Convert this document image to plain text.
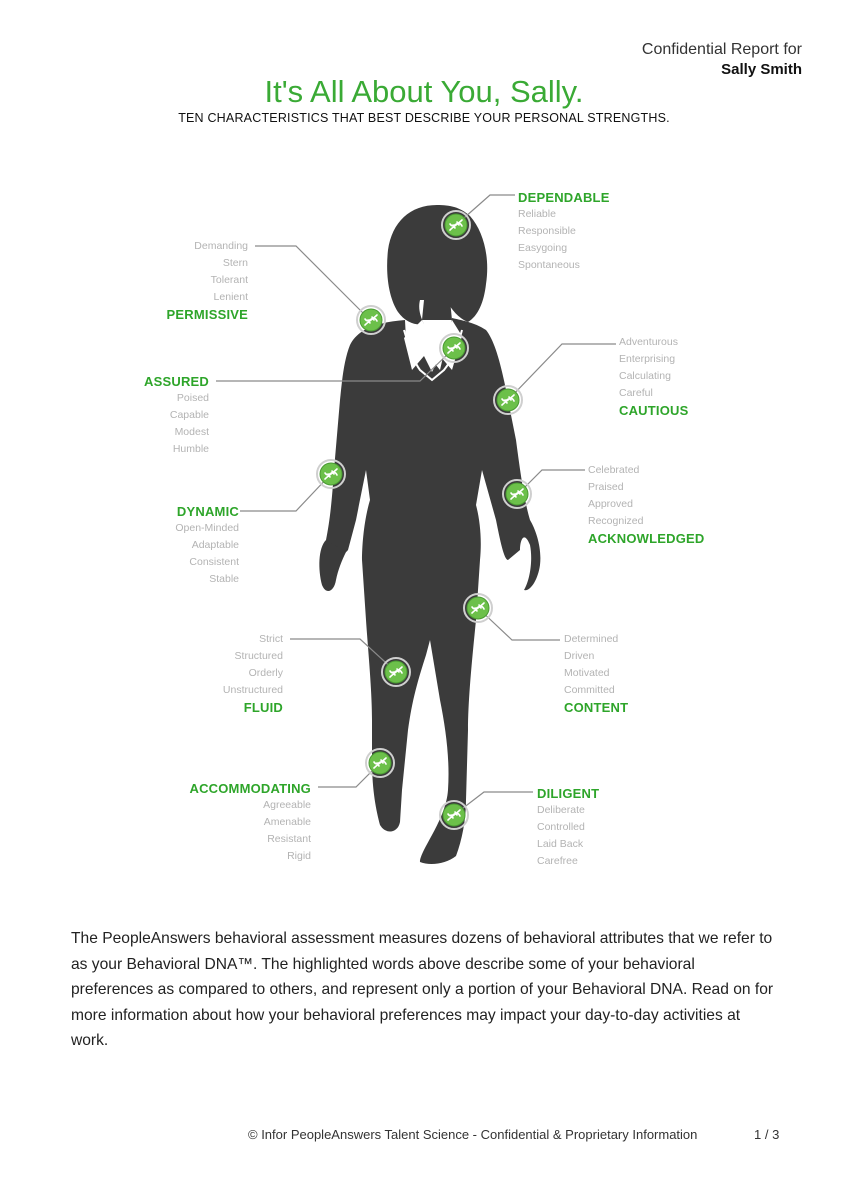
Confidential Report for
Sally Smith
It's All About You, Sally.
TEN CHARACTERISTICS THAT BEST DESCRIBE YOUR PERSONAL STRENGTHS.
DEPENDABLE
Reliable
Responsible
Easygoing
Spontaneous
Demanding
Stern
Tolerant
Lenient
PERMISSIVE
Adventurous
Enterprising
Calculating
Careful
CAUTIOUS
ASSURED
Poised
Capable
Modest
Humble
Celebrated
Praised
Approved
Recognized
ACKNOWLEDGED
DYNAMIC
Open-Minded
Adaptable
Consistent
Stable
Strict
Structured
Orderly
Unstructured
FLUID
Determined
Driven
Motivated
Committed
CONTENT
ACCOMMODATING
Agreeable
Amenable
Resistant
Rigid
DILIGENT
Deliberate
Controlled
Laid Back
Carefree
The PeopleAnswers behavioral assessment measures dozens of behavioral attributes that we refer to as your Behavioral DNA™. The highlighted words above describe some of your behavioral preferences as compared to others, and represent only a portion of your Behavioral DNA. Read on for more information about how your behavioral preferences may impact your day-to-day activities at work.
© Infor PeopleAnswers Talent Science - Confidential & Proprietary Information	1 / 3
